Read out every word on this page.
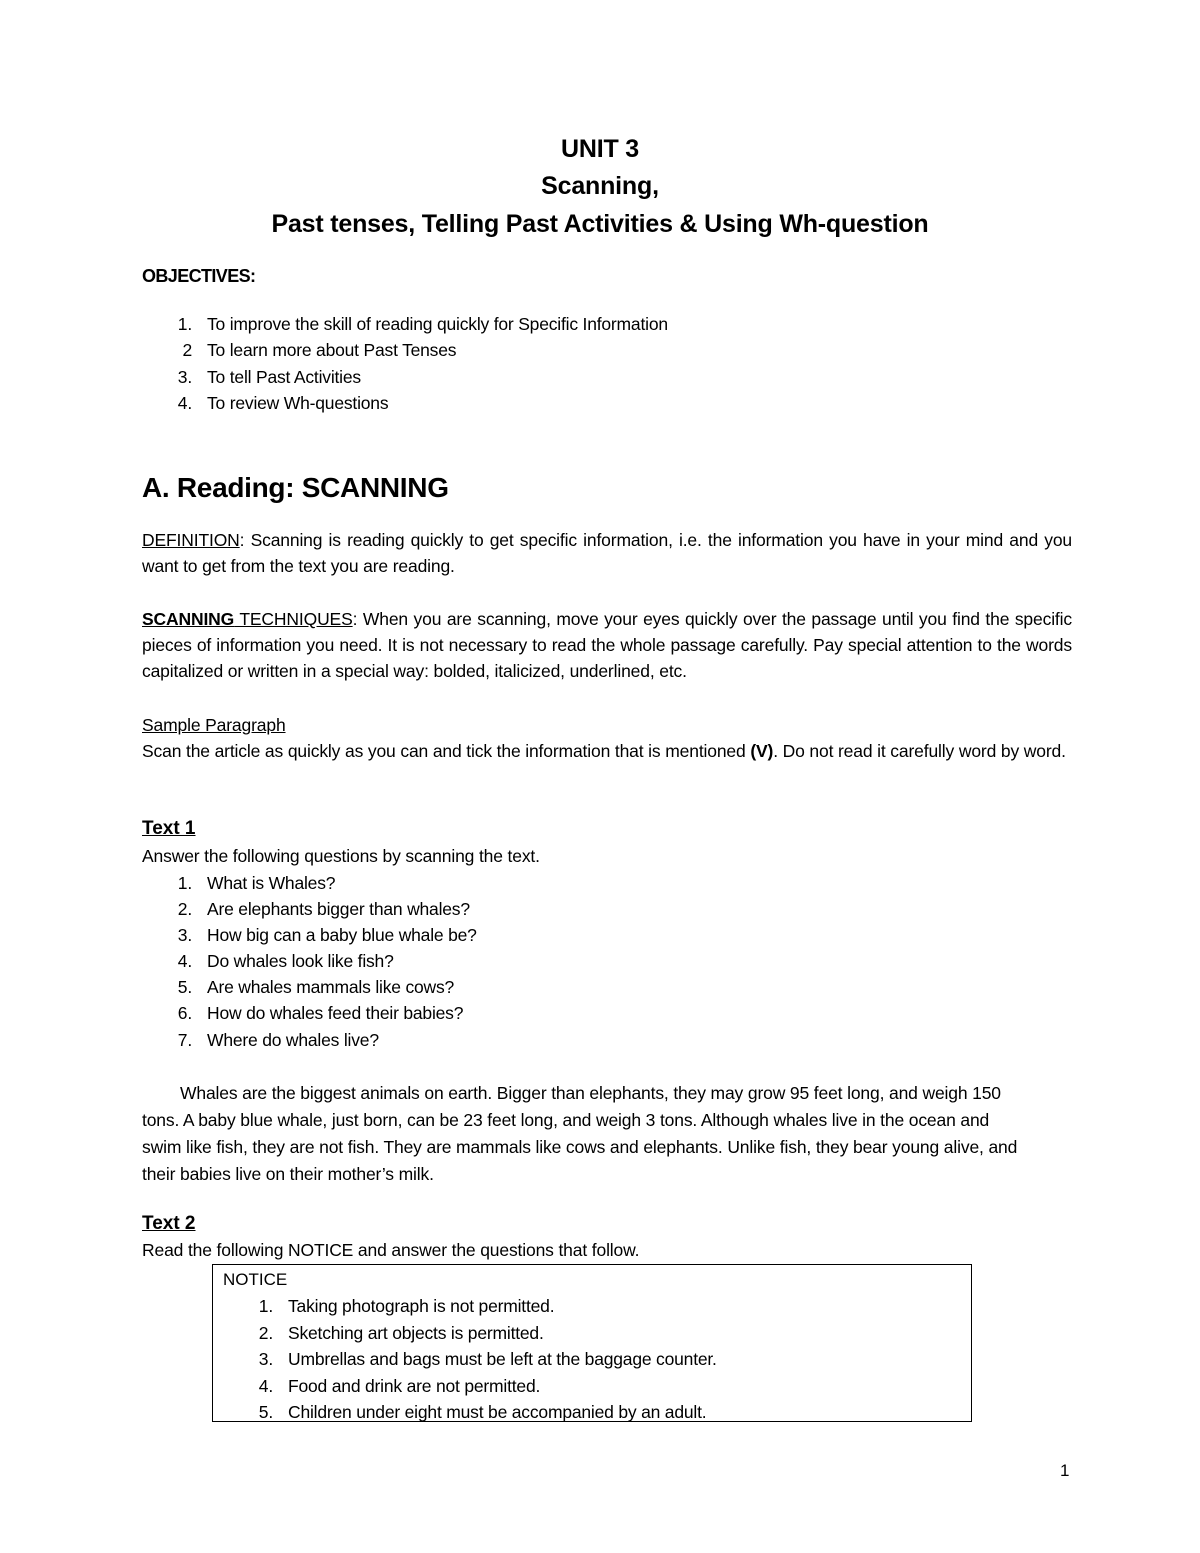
UNIT 3
Scanning,
Past tenses, Telling Past Activities & Using Wh-question
OBJECTIVES:
1. To improve the skill of reading quickly for Specific Information
2 To learn more about Past Tenses
3. To tell Past Activities
4. To review Wh-questions
A. Reading: SCANNING

DEFINITION: Scanning is reading quickly to get specific information, i.e. the information you have in your mind and you want to get from the text you are reading.

SCANNING TECHNIQUES: When you are scanning, move your eyes quickly over the passage until you find the specific pieces of information you need. It is not necessary to read the whole passage carefully. Pay special attention to the words capitalized or written in a special way: bolded, italicized, underlined, etc.

Sample Paragraph

Scan the article as quickly as you can and tick the information that is mentioned (V). Do not read it carefully word by word.

Text 1
Answer the following questions by scanning the text.
1. What is Whales?
2. Are elephants bigger than whales?
3. How big can a baby blue whale be?
4. Do whales look like fish?
5. Are whales mammals like cows?
6. How do whales feed their babies?
7. Where do whales live?

Whales are the biggest animals on earth. Bigger than elephants, they may grow 95 feet long, and weigh 150 tons. A baby blue whale, just born, can be 23 feet long, and weigh 3 tons. Although whales live in the ocean and swim like fish, they are not fish. They are mammals like cows and elephants. Unlike fish, they bear young alive, and their babies live on their mother’s milk.

Text 2
Read the following NOTICE and answer the questions that follow.
NOTICE
1. Taking photograph is not permitted.
2. Sketching art objects is permitted.
3. Umbrellas and bags must be left at the baggage counter.
4. Food and drink are not permitted.
5. Children under eight must be accompanied by an adult.
1
